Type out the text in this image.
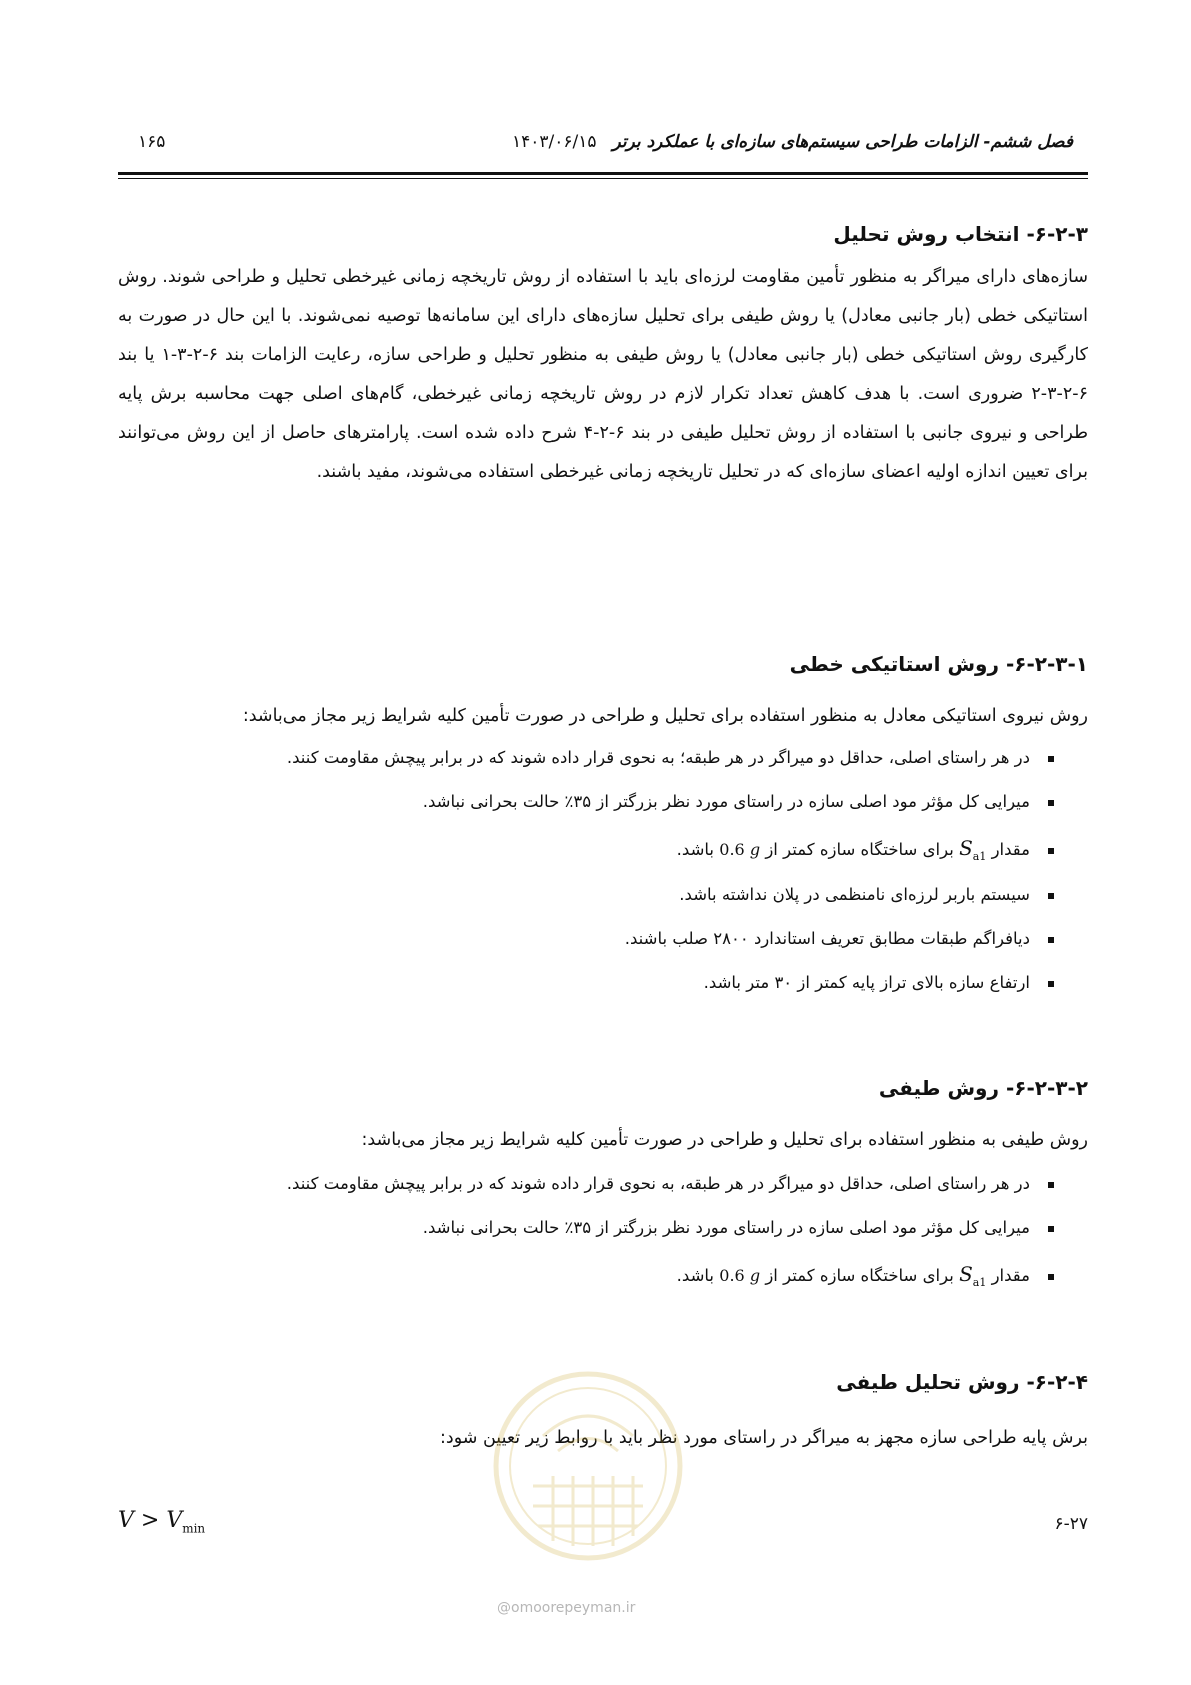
فصل ششم- الزامات طراحی سیستم‌های سازه‌ای با عملکرد برتر ۱۴۰۳/۰۶/۱۵
۱۶۵
۶-۲-۳- انتخاب روش تحلیل
سازه‌های دارای میراگر به منظور تأمین مقاومت لرزه‌ای باید با استفاده از روش تاریخچه زمانی غیرخطی تحلیل و طراحی شوند. روش استاتیکی خطی (بار جانبی معادل) یا روش طیفی برای تحلیل سازه‌های دارای این سامانه‌ها توصیه نمی‌شوند. با این حال در صورت به کارگیری روش استاتیکی خطی (بار جانبی معادل) یا روش طیفی به منظور تحلیل و طراحی سازه، رعایت الزامات بند ۶-۲-۳-۱ یا بند ۶-۲-۳-۲ ضروری است. با هدف کاهش تعداد تکرار لازم در روش تاریخچه زمانی غیرخطی، گام‌های اصلی جهت محاسبه برش پایه طراحی و نیروی جانبی با استفاده از روش تحلیل طیفی در بند ۶-۲-۴ شرح داده شده است. پارامترهای حاصل از این روش می‌توانند برای تعیین اندازه اولیه اعضای سازه‌ای که در تحلیل تاریخچه زمانی غیرخطی استفاده می‌شوند، مفید باشند.
۶-۲-۳-۱- روش استاتیکی خطی
روش نیروی استاتیکی معادل به منظور استفاده برای تحلیل و طراحی در صورت تأمین کلیه شرایط زیر مجاز می‌باشد:
در هر راستای اصلی، حداقل دو میراگر در هر طبقه؛ به نحوی قرار داده شوند که در برابر پیچش مقاومت کنند.
میرایی کل مؤثر مود اصلی سازه در راستای مورد نظر بزرگتر از ۳۵٪ حالت بحرانی نباشد.
مقدار $S_{a1}$ برای ساختگاه سازه کمتر از 0.6 g باشد.
سیستم باربر لرزه‌ای نامنظمی در پلان نداشته باشد.
دیافراگم طبقات مطابق تعریف استاندارد ۲۸۰۰ صلب باشند.
ارتفاع سازه بالای تراز پایه کمتر از ۳۰ متر باشد.
۶-۲-۳-۲- روش طیفی
روش طیفی به منظور استفاده برای تحلیل و طراحی در صورت تأمین کلیه شرایط زیر مجاز می‌باشد:
در هر راستای اصلی، حداقل دو میراگر در هر طبقه، به نحوی قرار داده شوند که در برابر پیچش مقاومت کنند.
میرایی کل مؤثر مود اصلی سازه در راستای مورد نظر بزرگتر از ۳۵٪ حالت بحرانی نباشد.
مقدار $S_{a1}$ برای ساختگاه سازه کمتر از 0.6 g باشد.
۶-۲-۴- روش تحلیل طیفی
برش پایه طراحی سازه مجهز به میراگر در راستای مورد نظر باید با روابط زیر تعیین شود:
۶-۲۷
$V > V_{min}$
@omoorepeyman.ir
